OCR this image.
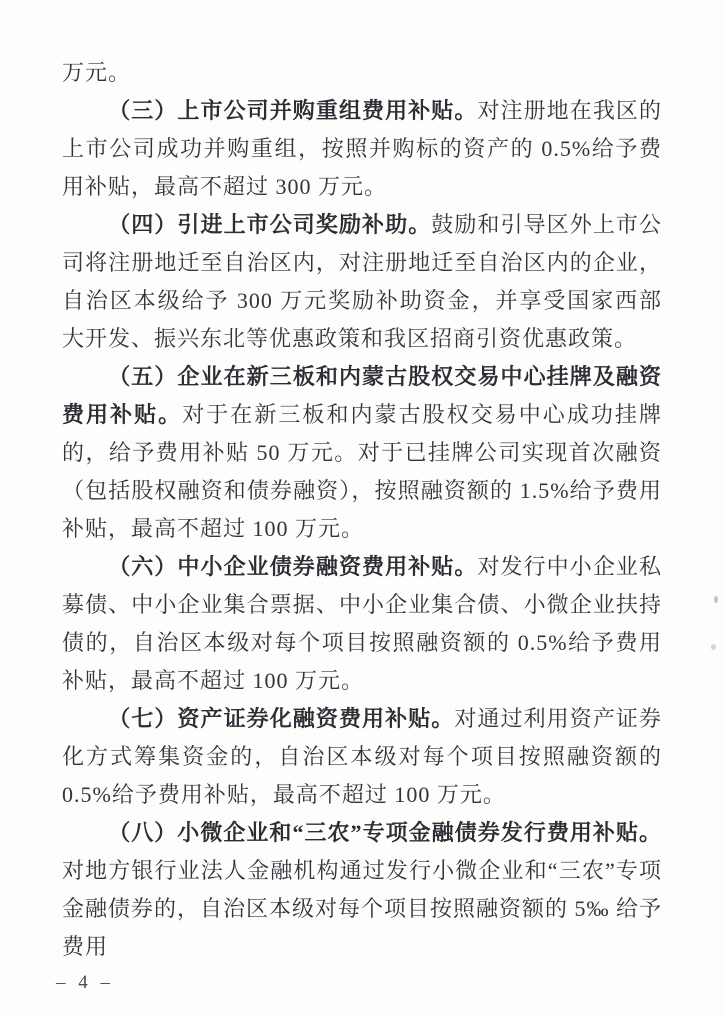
万元。

（三）上市公司并购重组费用补贴。对注册地在我区的上市公司成功并购重组，按照并购标的资产的 0.5%给予费用补贴，最高不超过 300 万元。

（四）引进上市公司奖励补助。鼓励和引导区外上市公司将注册地迁至自治区内，对注册地迁至自治区内的企业，自治区本级给予 300 万元奖励补助资金，并享受国家西部大开发、振兴东北等优惠政策和我区招商引资优惠政策。

（五）企业在新三板和内蒙古股权交易中心挂牌及融资费用补贴。对于在新三板和内蒙古股权交易中心成功挂牌的，给予费用补贴 50 万元。对于已挂牌公司实现首次融资（包括股权融资和债券融资），按照融资额的 1.5%给予费用补贴，最高不超过 100 万元。

（六）中小企业债券融资费用补贴。对发行中小企业私募债、中小企业集合票据、中小企业集合债、小微企业扶持债的，自治区本级对每个项目按照融资额的 0.5%给予费用补贴，最高不超过 100 万元。

（七）资产证券化融资费用补贴。对通过利用资产证券化方式筹集资金的，自治区本级对每个项目按照融资额的 0.5%给予费用补贴，最高不超过 100 万元。

（八）小微企业和“三农”专项金融债券发行费用补贴。对地方银行业法人金融机构通过发行小微企业和“三农”专项金融债券的，自治区本级对每个项目按照融资额的 5‰ 给予费用

– 4 –
